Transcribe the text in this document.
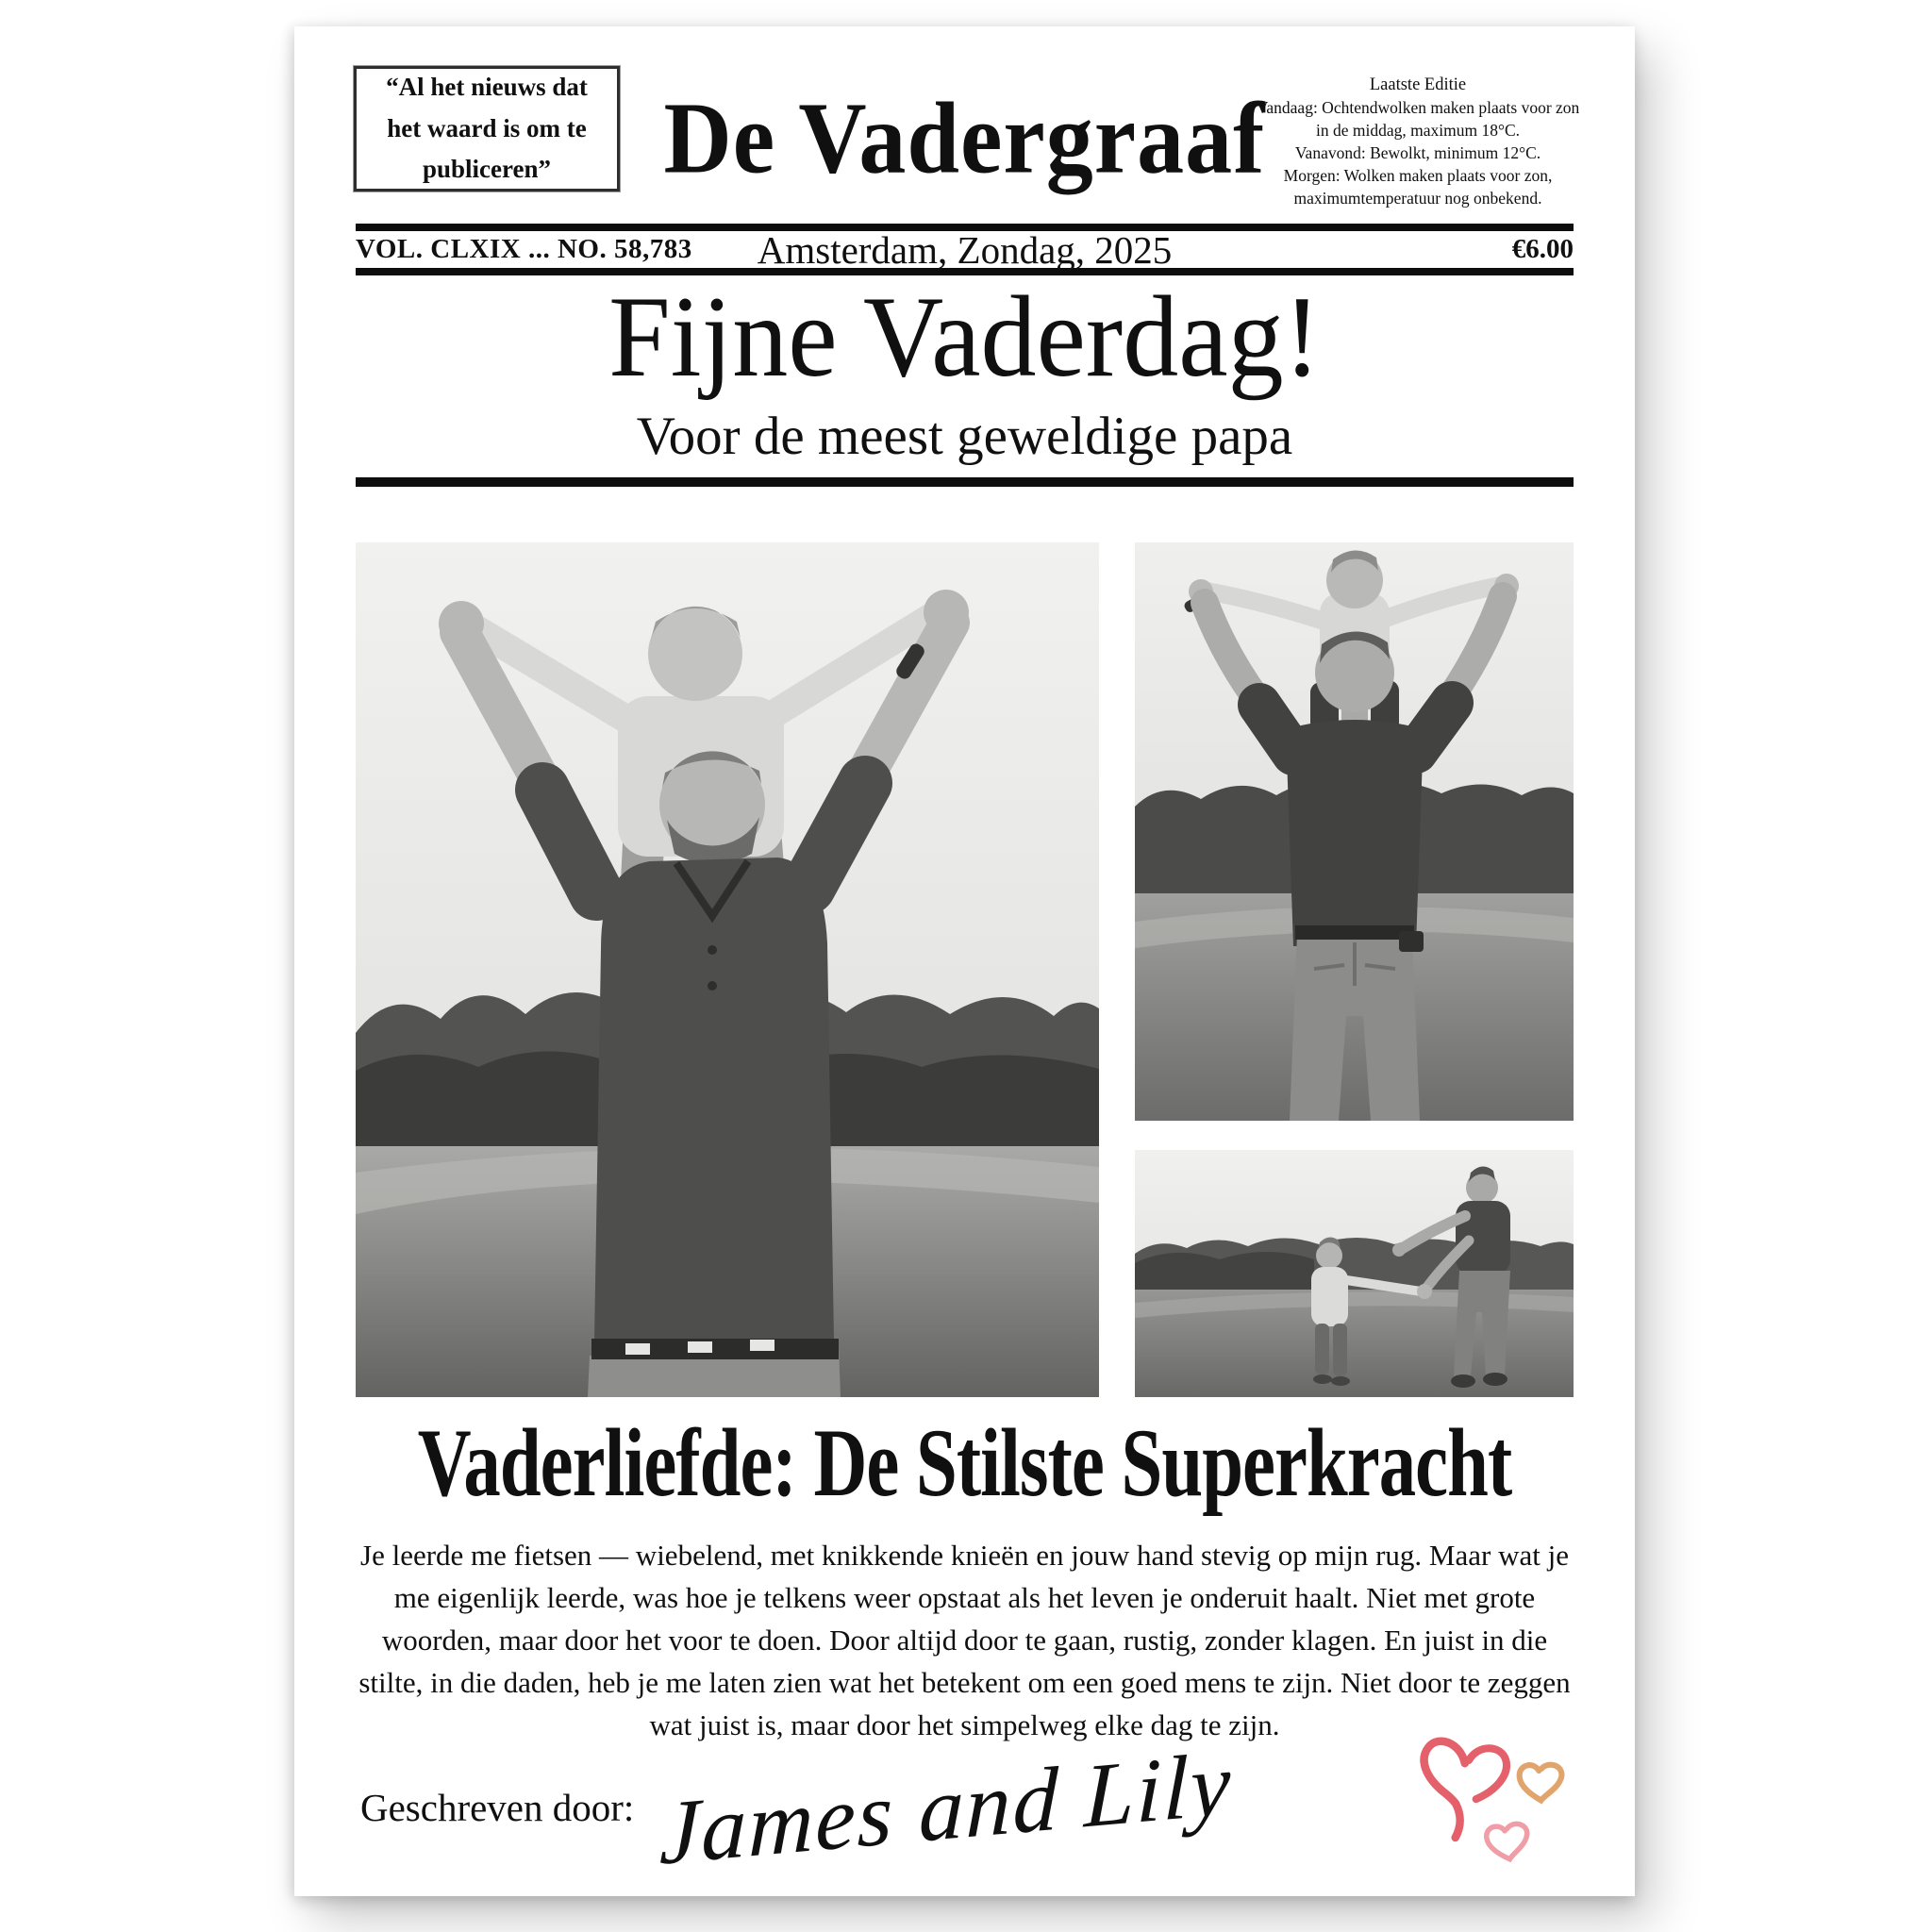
“Al het nieuws dat het waard is om te publiceren”	De Vadergraaf	Laatste Editie
Vandaag: Ochtendwolken maken plaats voor zon
in de middag, maximum 18°C.
Vanavond: Bewolkt, minimum 12°C.
Morgen: Wolken maken plaats voor zon,
maximumtemperatuur nog onbekend.
VOL. CLXIX ... NO. 58,783	Amsterdam, Zondag, 2025	€6.00
Fijne Vaderdag!
Voor de meest geweldige papa
Vaderliefde: De Stilste Superkracht

Je leerde me fietsen — wiebelend, met knikkende knieën en jouw hand stevig op mijn rug. Maar wat je me eigenlijk leerde, was hoe je telkens weer opstaat als het leven je onderuit haalt. Niet met grote woorden, maar door het voor te doen. Door altijd door te gaan, rustig, zonder klagen. En juist in die stilte, in die daden, heb je me laten zien wat het betekent om een goed mens te zijn. Niet door te zeggen wat juist is, maar door het simpelweg elke dag te zijn.

Geschreven door: James and Lily
